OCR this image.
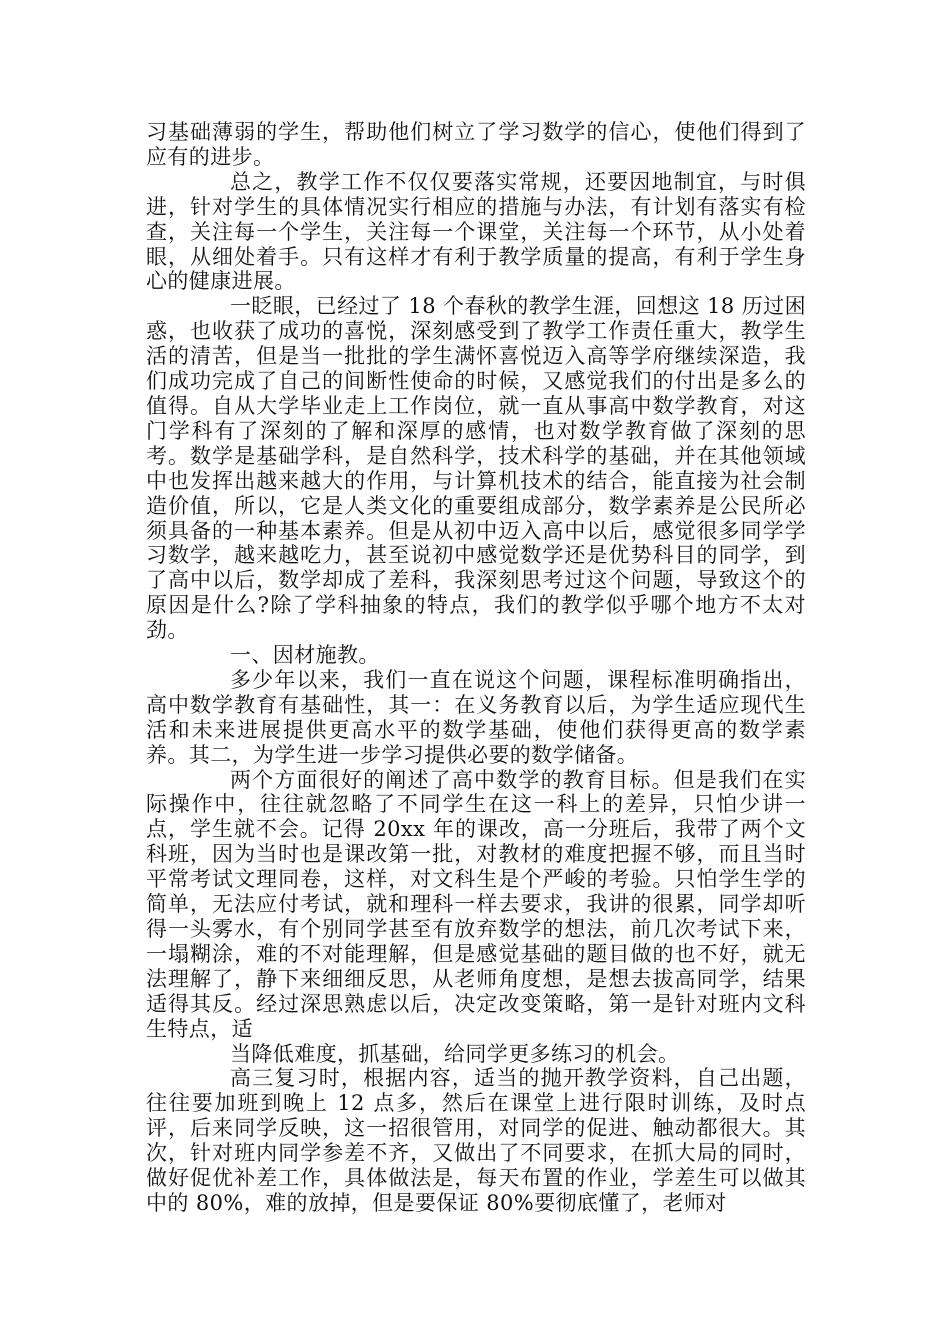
习基础薄弱的学生，帮助他们树立了学习数学的信心，使他们得到了应有的进步。

总之，教学工作不仅仅要落实常规，还要因地制宜，与时俱进，针对学生的具体情况实行相应的措施与办法，有计划有落实有检查，关注每一个学生，关注每一个课堂，关注每一个环节，从小处着眼，从细处着手。只有这样才有利于教学质量的提高，有利于学生身心的健康进展。

一眨眼，已经过了 18 个春秋的教学生涯，回想这 18 历过困惑，也收获了成功的喜悦，深刻感受到了教学工作责任重大，教学生活的清苦，但是当一批批的学生满怀喜悦迈入高等学府继续深造，我们成功完成了自己的间断性使命的时候，又感觉我们的付出是多么的值得。自从大学毕业走上工作岗位，就一直从事高中数学教育，对这门学科有了深刻的了解和深厚的感情，也对数学教育做了深刻的思考。数学是基础学科，是自然科学，技术科学的基础，并在其他领域中也发挥出越来越大的作用，与计算机技术的结合，能直接为社会制造价值，所以，它是人类文化的重要组成部分，数学素养是公民所必须具备的一种基本素养。但是从初中迈入高中以后，感觉很多同学学习数学，越来越吃力，甚至说初中感觉数学还是优势科目的同学，到了高中以后，数学却成了差科，我深刻思考过这个问题，导致这个的原因是什么?除了学科抽象的特点，我们的教学似乎哪个地方不太对劲。

一、因材施教。

多少年以来，我们一直在说这个问题，课程标准明确指出，高中数学教育有基础性，其一：在义务教育以后，为学生适应现代生活和未来进展提供更高水平的数学基础，使他们获得更高的数学素养。其二，为学生进一步学习提供必要的数学储备。

两个方面很好的阐述了高中数学的教育目标。但是我们在实际操作中，往往就忽略了不同学生在这一科上的差异，只怕少讲一点，学生就不会。记得 20xx 年的课改，高一分班后，我带了两个文科班，因为当时也是课改第一批，对教材的难度把握不够，而且当时平常考试文理同卷，这样，对文科生是个严峻的考验。只怕学生学的简单，无法应付考试，就和理科一样去要求，我讲的很累，同学却听得一头雾水，有个别同学甚至有放弃数学的想法，前几次考试下来，一塌糊涂，难的不对能理解，但是感觉基础的题目做的也不好，就无法理解了，静下来细细反思，从老师角度想，是想去拔高同学，结果适得其反。经过深思熟虑以后，决定改变策略，第一是针对班内文科生特点，适

当降低难度，抓基础，给同学更多练习的机会。

高三复习时，根据内容，适当的抛开教学资料，自己出题，往往要加班到晚上 12 点多，然后在课堂上进行限时训练，及时点评，后来同学反映，这一招很管用，对同学的促进、触动都很大。其次，针对班内同学参差不齐，又做出了不同要求，在抓大局的同时，做好促优补差工作，具体做法是，每天布置的作业，学差生可以做其中的 80%，难的放掉，但是要保证 80%要彻底懂了，老师对
